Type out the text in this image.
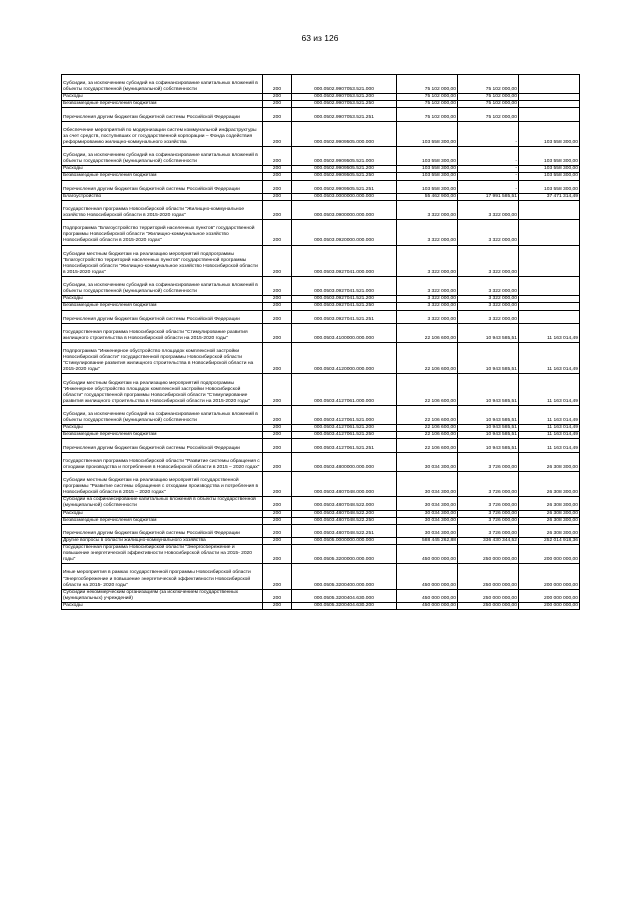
63 из 126
Субсидии, за исключением субсидий на софинансирование капитальных вложений в объекты государственной (муниципальной) собственности	200	000.0502.9907053.521.000	75 102 000,00	75 102 000,00	
Расходы	200	000.0502.9907053.521.200	75 102 000,00	75 102 000,00	
Безвозмездные перечисления бюджетам	200	000.0502.9907053.521.250	75 102 000,00	75 102 000,00	
Перечисления другим бюджетам бюджетной системы Российской Федерации	200	000.0502.9907053.521.251	75 102 000,00	75 102 000,00	
Обеспечение мероприятий по модернизации систем коммунальной инфраструктуры за счет средств, поступивших от государственной корпорации – Фонда содействия реформированию жилищно-коммунального хозяйства	200	000.0502.9909505.000.000	103 558 300,00	-	103 558 300,00
Субсидии, за исключением субсидий на софинансирование капитальных вложений в объекты государственной (муниципальной) собственности	200	000.0502.9909505.521.000	103 558 300,00	-	103 558 300,00
Расходы	200	000.0502.9909505.521.200	103 558 300,00	-	103 558 300,00
Безвозмездные перечисления бюджетам	200	000.0502.9909505.521.250	103 558 300,00	-	103 558 300,00
Перечисления другим бюджетам бюджетной системы Российской Федерации	200	000.0502.9909505.521.251	103 558 300,00	-	103 558 300,00
Благоустройство	200	000.0503.0000000.000.000	55 462 900,00	17 991 585,51	37 471 314,49
Государственная программа Новосибирской области "Жилищно-коммунальное хозяйство Новосибирской области в 2015-2020 годах"	200	000.0503.0900000.000.000	3 322 000,00	3 322 000,00	
Подпрограмма "Благоустройство территорий населенных пунктов" государственной программы Новосибирской области "Жилищно-коммунальное хозяйство Новосибирской области в 2015-2020 годах"	200	000.0503.0920000.000.000	3 322 000,00	3 322 000,00	
Субсидии местным бюджетам на реализацию мероприятий подпрограммы "Благоустройство территорий населенных пунктов" государственной программы Новосибирской области "Жилищно-коммунальное хозяйство Новосибирской области в 2015-2020 годах"	200	000.0503.0927041.000.000	3 322 000,00	3 322 000,00	
Субсидии, за исключением субсидий на софинансирование капитальных вложений в объекты государственной (муниципальной) собственности	200	000.0503.0927041.521.000	3 322 000,00	3 322 000,00	
Расходы	200	000.0503.0927041.521.200	3 322 000,00	3 322 000,00	
Безвозмездные перечисления бюджетам	200	000.0503.0927041.521.250	3 322 000,00	3 322 000,00	
Перечисления другим бюджетам бюджетной системы Российской Федерации	200	000.0503.0927041.521.251	3 322 000,00	3 322 000,00	
Государственная программа Новосибирской области "Стимулирование развития жилищного строительства в Новосибирской области на 2015-2020 годы"	200	000.0503.4100000.000.000	22 106 600,00	10 943 585,51	11 163 014,49
Подпрограмма "Инженерное обустройство площадок комплексной застройки Новосибирской области" государственной программы Новосибирской области "Стимулирование развития жилищного строительства в Новосибирской области на 2015-2020 годы"	200	000.0503.4120000.000.000	22 106 600,00	10 943 585,51	11 163 014,49
Субсидии местным бюджетам на реализацию мероприятий подпрограммы "Инженерное обустройство площадок комплексной застройки Новосибирской области" государственной программы Новосибирской области "Стимулирование развития жилищного строительства в Новосибирской области на 2015-2020 годы"	200	000.0503.4127061.000.000	22 106 600,00	10 943 585,51	11 163 014,49
Субсидии, за исключением субсидий на софинансирование капитальных вложений в объекты государственной (муниципальной) собственности	200	000.0503.4127061.521.000	22 106 600,00	10 943 585,51	11 163 014,49
Расходы	200	000.0503.4127061.521.200	22 106 600,00	10 943 585,51	11 163 014,49
Безвозмездные перечисления бюджетам	200	000.0503.4127061.521.250	22 106 600,00	10 943 585,51	11 163 014,49
Перечисления другим бюджетам бюджетной системы Российской Федерации	200	000.0503.4127061.521.251	22 106 600,00	10 943 585,51	11 163 014,49
Государственная программа Новосибирской области "Развитие системы обращения с отходами производства и потребления в Новосибирской области в 2015 – 2020 годах"	200	000.0503.4800000.000.000	30 034 300,00	3 726 000,00	26 308 300,00
Субсидии местным бюджетам на реализацию мероприятий государственной программы "Развитие системы обращения с отходами производства и потребления в Новосибирской области в 2015 – 2020 годах"	200	000.0503.4807048.000.000	30 034 300,00	3 726 000,00	26 308 300,00
Субсидии на софинансирование капитальных вложений в объекты государственной (муниципальной) собственности	200	000.0503.4807048.522.000	30 034 300,00	3 726 000,00	26 308 300,00
Расходы	200	000.0503.4807048.522.200	30 034 300,00	3 726 000,00	26 308 300,00
Безвозмездные перечисления бюджетам	200	000.0503.4807048.522.250	30 034 300,00	3 726 000,00	26 308 300,00
Перечисления другим бюджетам бюджетной системы Российской Федерации	200	000.0503.4807048.522.251	30 034 300,00	3 726 000,00	26 308 300,00
Другие вопросы в области жилищно-коммунального хозяйства	200	000.0505.0000000.000.000	588 445 262,88	336 430 344,52	252 014 918,36
Государственная программа Новосибирской области "Энергосбережение и повышение энергетической эффективности Новосибирской области на 2015- 2020 годы"	200	000.0505.3200000.000.000	450 000 000,00	250 000 000,00	200 000 000,00
Иные мероприятия в рамках государственной программы Новосибирской области "Энергосбережение и повышение энергетической эффективности Новосибирской области на 2015- 2020 годы"	200	000.0505.3200400.000.000	450 000 000,00	250 000 000,00	200 000 000,00
Субсидии некоммерческим организациям (за исключением государственных (муниципальных) учреждений)	200	000.0505.3200404.630.000	450 000 000,00	250 000 000,00	200 000 000,00
Расходы	200	000.0505.3200404.630.200	450 000 000,00	250 000 000,00	200 000 000,00
